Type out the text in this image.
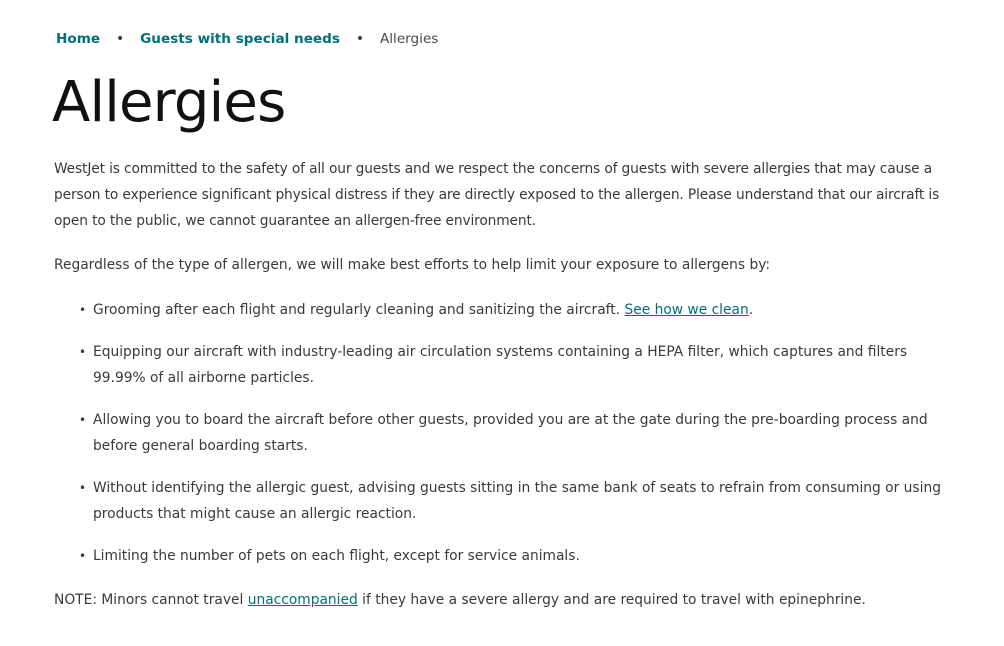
Home	•	Guests with special needs	•	Allergies
Allergies

WestJet is committed to the safety of all our guests and we respect the concerns of guests with severe allergies that may cause a person to experience significant physical distress if they are directly exposed to the allergen. Please understand that our aircraft is open to the public, we cannot guarantee an allergen-free environment.

Regardless of the type of allergen, we will make best efforts to help limit your exposure to allergens by:

• Grooming after each flight and regularly cleaning and sanitizing the aircraft. See how we clean.
• Equipping our aircraft with industry-leading air circulation systems containing a HEPA filter, which captures and filters 99.99% of all airborne particles.
• Allowing you to board the aircraft before other guests, provided you are at the gate during the pre-boarding process and before general boarding starts.
• Without identifying the allergic guest, advising guests sitting in the same bank of seats to refrain from consuming or using products that might cause an allergic reaction.
• Limiting the number of pets on each flight, except for service animals.

NOTE: Minors cannot travel unaccompanied if they have a severe allergy and are required to travel with epinephrine.
